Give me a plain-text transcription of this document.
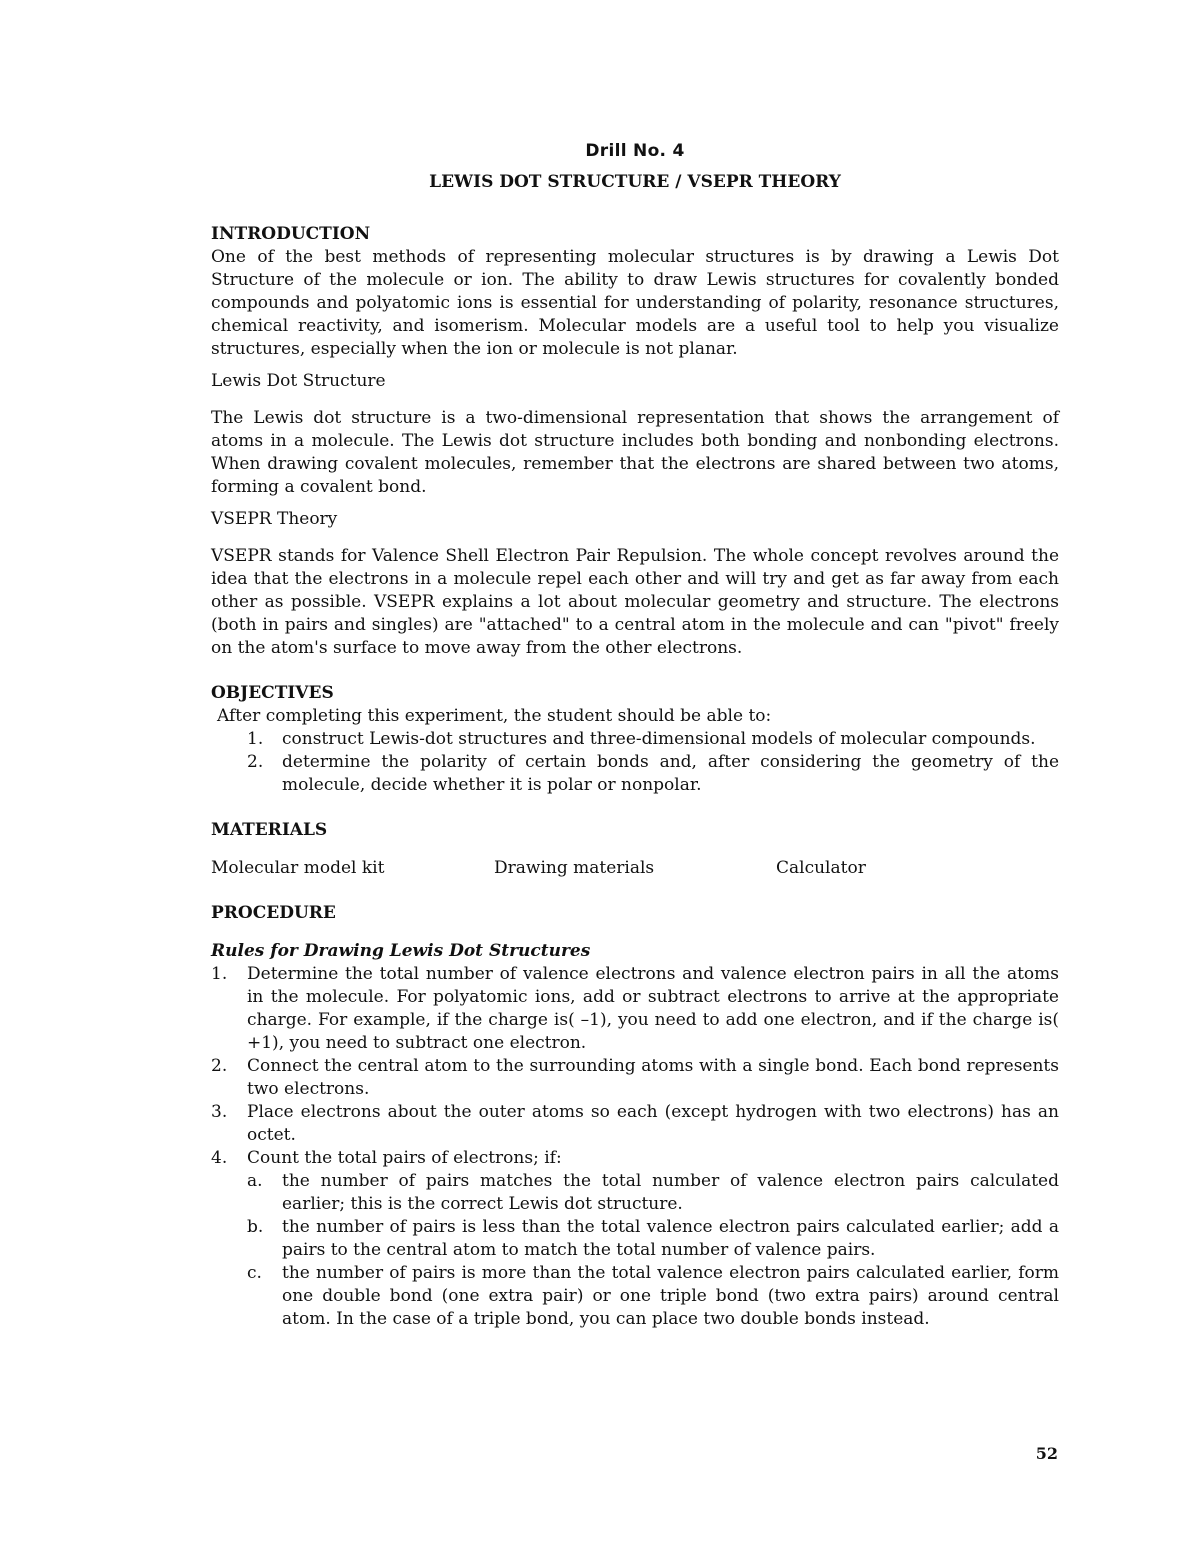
Drill No. 4

LEWIS DOT STRUCTURE / VSEPR THEORY

INTRODUCTION

One of the best methods of representing molecular structures is by drawing a Lewis Dot Structure of the molecule or ion. The ability to draw Lewis structures for covalently bonded compounds and polyatomic ions is essential for understanding of polarity, resonance structures, chemical reactivity, and isomerism. Molecular models are a useful tool to help you visualize structures, especially when the ion or molecule is not planar.

Lewis Dot Structure

The Lewis dot structure is a two-dimensional representation that shows the arrangement of atoms in a molecule. The Lewis dot structure includes both bonding and nonbonding electrons. When drawing covalent molecules, remember that the electrons are shared between two atoms, forming a covalent bond.

VSEPR Theory

VSEPR stands for Valence Shell Electron Pair Repulsion. The whole concept revolves around the idea that the electrons in a molecule repel each other and will try and get as far away from each other as possible. VSEPR explains a lot about molecular geometry and structure. The electrons (both in pairs and singles) are "attached" to a central atom in the molecule and can "pivot" freely on the atom's surface to move away from the other electrons.

OBJECTIVES

After completing this experiment, the student should be able to:

1. construct Lewis-dot structures and three-dimensional models of molecular compounds.
2. determine the polarity of certain bonds and, after considering the geometry of the molecule, decide whether it is polar or nonpolar.
MATERIALS
Molecular model kit	Drawing materials	Calculator
PROCEDURE

Rules for Drawing Lewis Dot Structures

1. Determine the total number of valence electrons and valence electron pairs in all the atoms in the molecule. For polyatomic ions, add or subtract electrons to arrive at the appropriate charge. For example, if the charge is( –1), you need to add one electron, and if the charge is( +1), you need to subtract one electron.
2. Connect the central atom to the surrounding atoms with a single bond. Each bond represents two electrons.
3. Place electrons about the outer atoms so each (except hydrogen with two electrons) has an octet.
4. Count the total pairs of electrons; if:
a. the number of pairs matches the total number of valence electron pairs calculated earlier; this is the correct Lewis dot structure.
b. the number of pairs is less than the total valence electron pairs calculated earlier; add a pairs to the central atom to match the total number of valence pairs.
c. the number of pairs is more than the total valence electron pairs calculated earlier, form one double bond (one extra pair) or one triple bond (two extra pairs) around central atom. In the case of a triple bond, you can place two double bonds instead.
52
